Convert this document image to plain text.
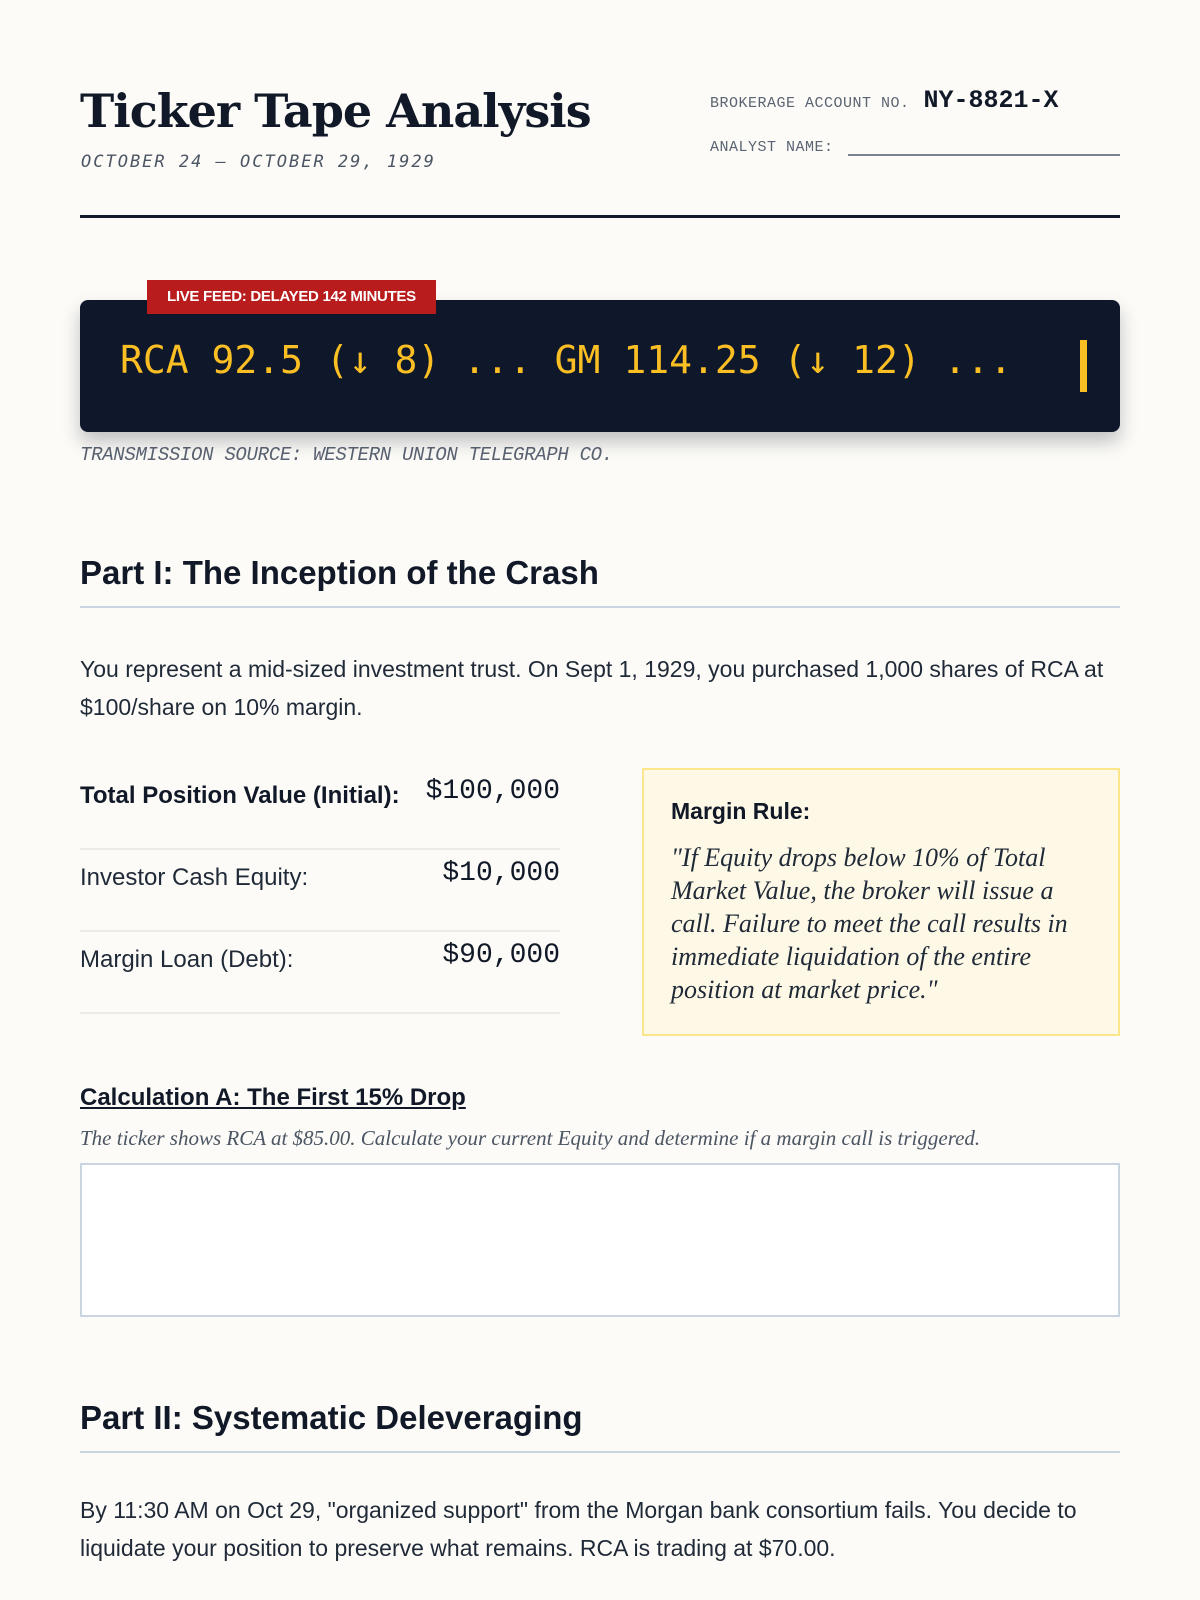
Ticker Tape Analysis
OCTOBER 24 – OCTOBER 29, 1929
BROKERAGE ACCOUNT NO. NY-8821-X
ANALYST NAME:
LIVE FEED: DELAYED 142 MINUTES
RCA 92.5 (↓ 8) ... GM 114.25 (↓ 12) ...
TRANSMISSION SOURCE: WESTERN UNION TELEGRAPH CO.
Part I: The Inception of the Crash

You represent a mid-sized investment trust. On Sept 1, 1929, you purchased 1,000 shares of RCA at $100/share on 10% margin.

Total Position Value (Initial): $100,000
Investor Cash Equity:	$10,000
Margin Loan (Debt):	$90,000
Margin Rule:
"If Equity drops below 10% of Total Market Value, the broker will issue a call. Failure to meet the call results in immediate liquidation of the entire position at market price."
Calculation A: The First 15% Drop
The ticker shows RCA at $85.00. Calculate your current Equity and determine if a margin call is triggered.
Part II: Systematic Deleveraging

By 11:30 AM on Oct 29, "organized support" from the Morgan bank consortium fails. You decide to liquidate your position to preserve what remains. RCA is trading at $70.00.
